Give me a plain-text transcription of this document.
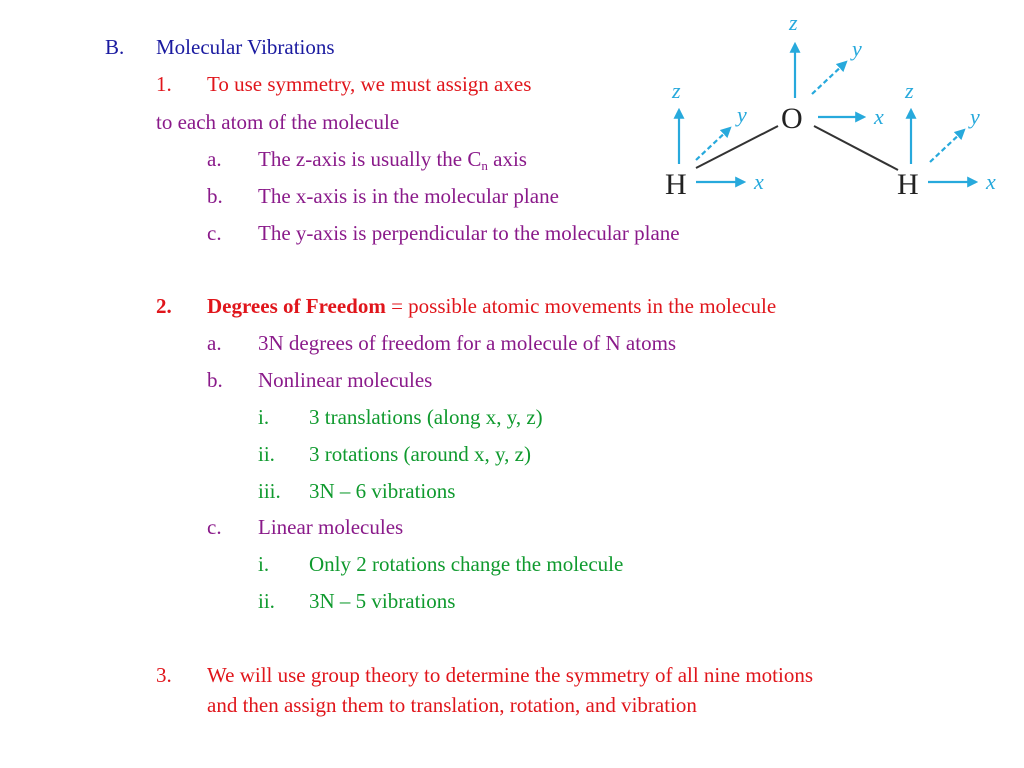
B. Molecular Vibrations
1. To use symmetry, we must assign axes
to each atom of the molecule
a. The z-axis is usually the $C_n$ axis
b. The x-axis is in the molecular plane
c. The y-axis is perpendicular to the molecular plane
2. Degrees of Freedom = possible atomic movements in the molecule
a. 3N degrees of freedom for a molecule of N atoms
b. Nonlinear molecules
i. 3 translations (along x, y, z)
ii. 3 rotations (around x, y, z)
iii. 3N – 6 vibrations
c. Linear molecules
i. Only 2 rotations change the molecule
ii. 3N – 5 vibrations
3. We will use group theory to determine the symmetry of all nine motions
and then assign them to translation, rotation, and vibration
O
H	H
z
y
x
z
y
x
z
y
x
